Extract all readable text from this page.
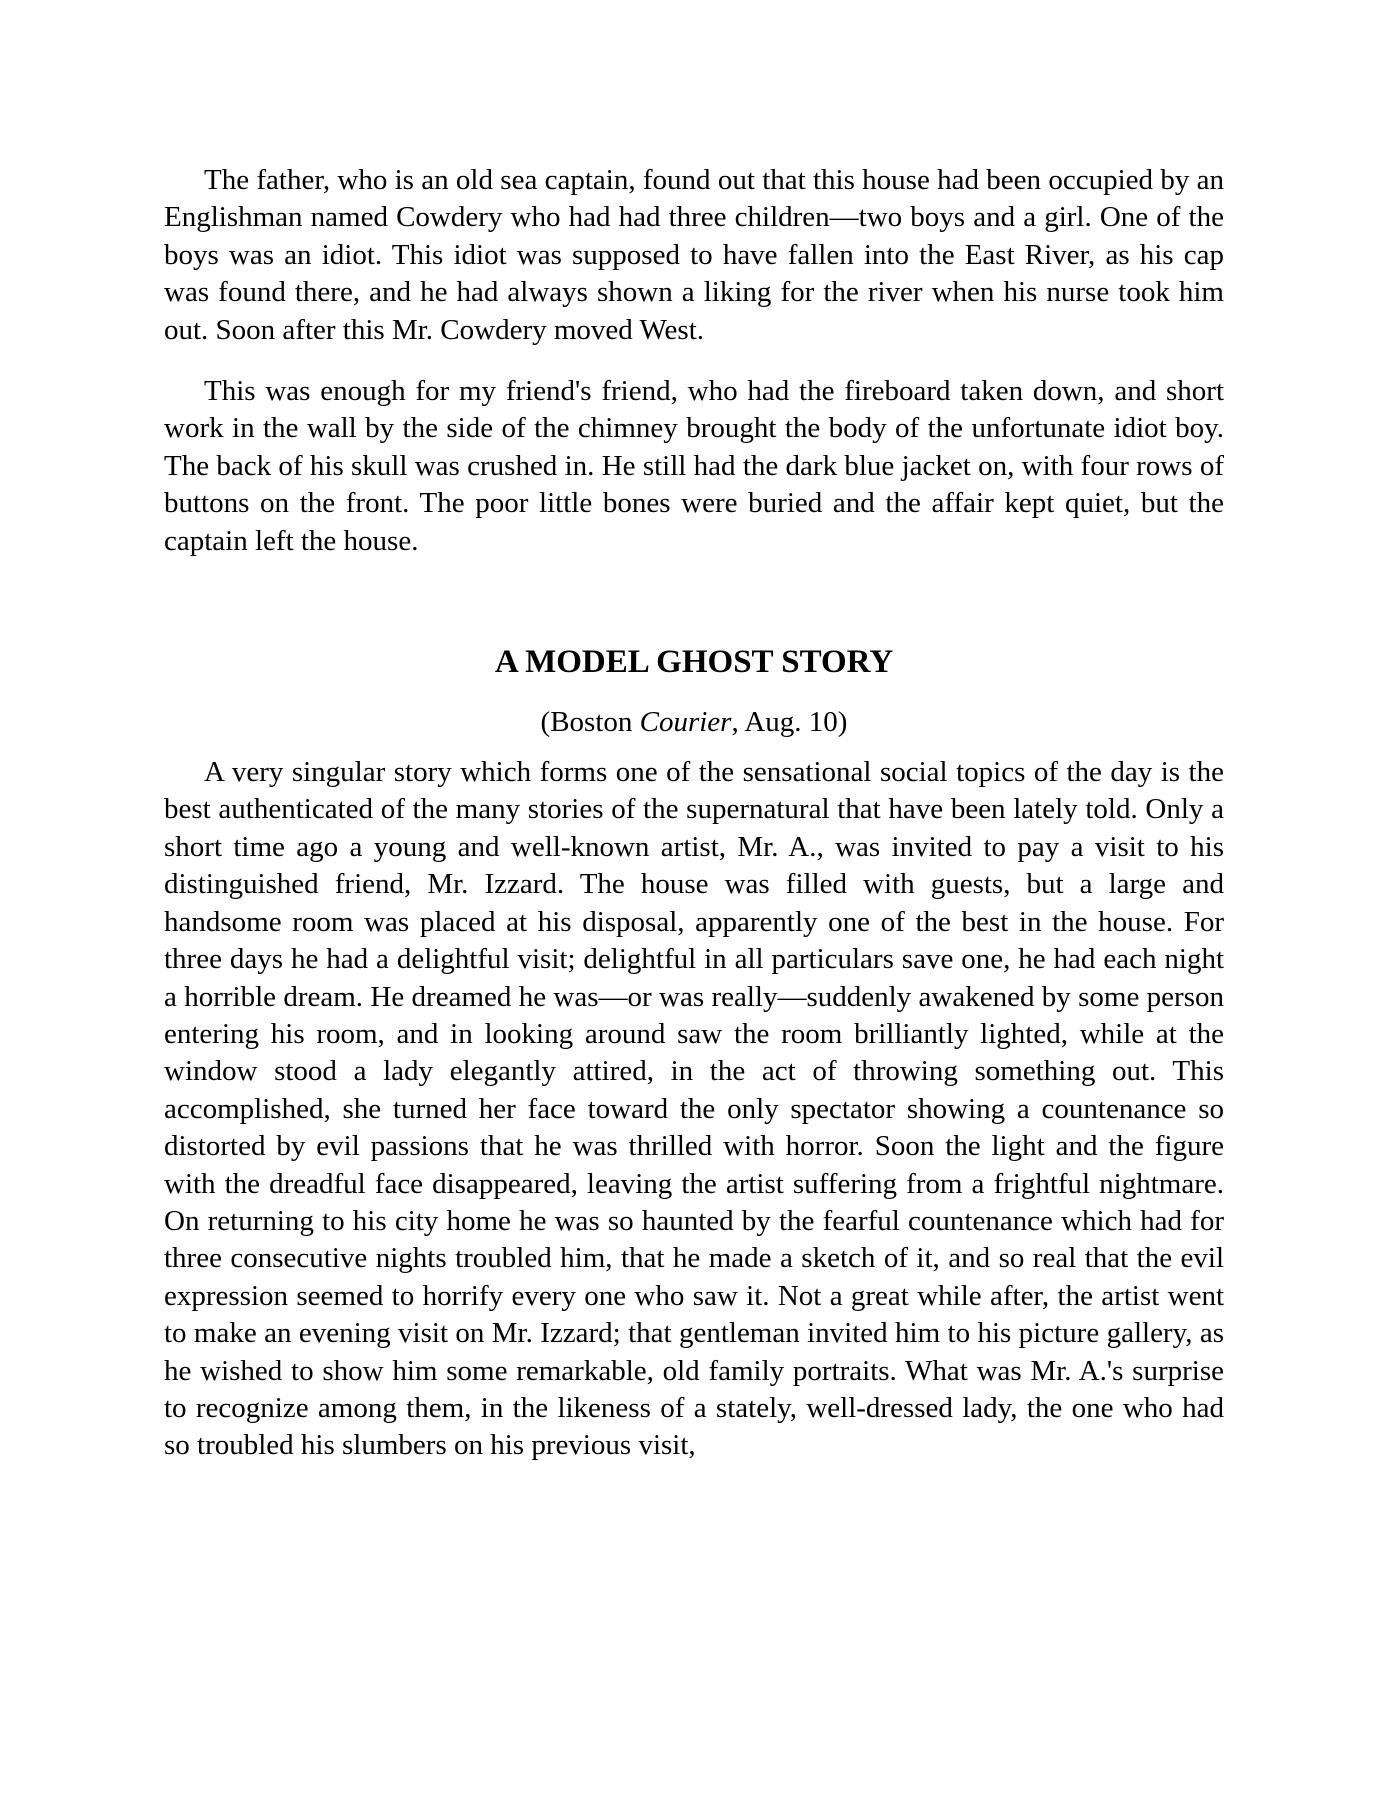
The father, who is an old sea captain, found out that this house had been occupied by an Englishman named Cowdery who had had three children—two boys and a girl. One of the boys was an idiot. This idiot was supposed to have fallen into the East River, as his cap was found there, and he had always shown a liking for the river when his nurse took him out. Soon after this Mr. Cowdery moved West.

This was enough for my friend's friend, who had the fireboard taken down, and short work in the wall by the side of the chimney brought the body of the unfortunate idiot boy. The back of his skull was crushed in. He still had the dark blue jacket on, with four rows of buttons on the front. The poor little bones were buried and the affair kept quiet, but the captain left the house.

A MODEL GHOST STORY
(Boston Courier, Aug. 10)

A very singular story which forms one of the sensational social topics of the day is the best authenticated of the many stories of the supernatural that have been lately told. Only a short time ago a young and well-known artist, Mr. A., was invited to pay a visit to his distinguished friend, Mr. Izzard. The house was filled with guests, but a large and handsome room was placed at his disposal, apparently one of the best in the house. For three days he had a delightful visit; delightful in all particulars save one, he had each night a horrible dream. He dreamed he was—or was really—suddenly awakened by some person entering his room, and in looking around saw the room brilliantly lighted, while at the window stood a lady elegantly attired, in the act of throwing something out. This accomplished, she turned her face toward the only spectator showing a countenance so distorted by evil passions that he was thrilled with horror. Soon the light and the figure with the dreadful face disappeared, leaving the artist suffering from a frightful nightmare. On returning to his city home he was so haunted by the fearful countenance which had for three consecutive nights troubled him, that he made a sketch of it, and so real that the evil expression seemed to horrify every one who saw it. Not a great while after, the artist went to make an evening visit on Mr. Izzard; that gentleman invited him to his picture gallery, as he wished to show him some remarkable, old family portraits. What was Mr. A.'s surprise to recognize among them, in the likeness of a stately, well-dressed lady, the one who had so troubled his slumbers on his previous visit,
